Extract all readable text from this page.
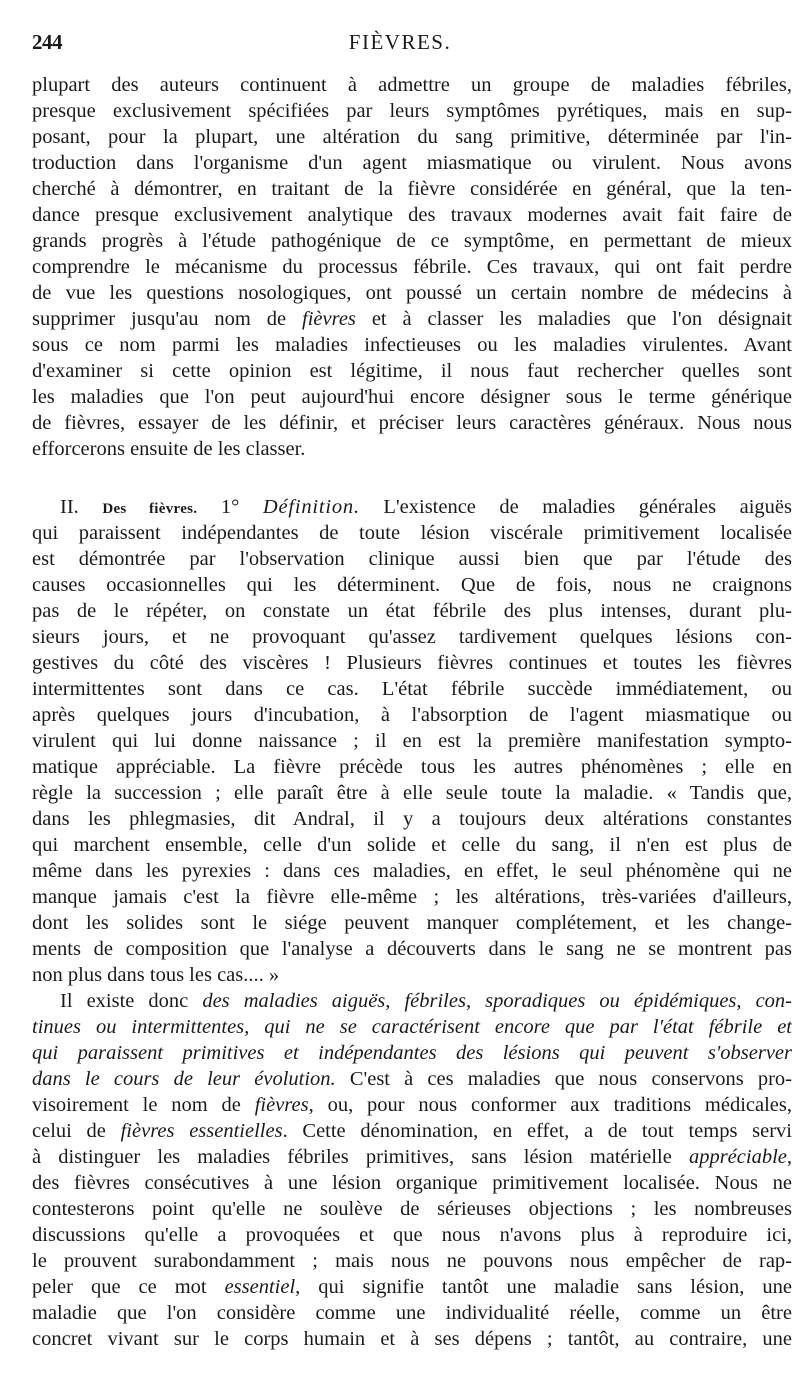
244	FIÈVRES.
plupart des auteurs continuent à admettre un groupe de maladies fébriles,
presque exclusivement spécifiées par leurs symptômes pyrétiques, mais en sup-
posant, pour la plupart, une altération du sang primitive, déterminée par l'in-
troduction dans l'organisme d'un agent miasmatique ou virulent. Nous avons
cherché à démontrer, en traitant de la fièvre considérée en général, que la ten-
dance presque exclusivement analytique des travaux modernes avait fait faire de
grands progrès à l'étude pathogénique de ce symptôme, en permettant de mieux
comprendre le mécanisme du processus fébrile. Ces travaux, qui ont fait perdre
de vue les questions nosologiques, ont poussé un certain nombre de médecins à
supprimer jusqu'au nom de fièvres et à classer les maladies que l'on désignait
sous ce nom parmi les maladies infectieuses ou les maladies virulentes. Avant
d'examiner si cette opinion est légitime, il nous faut rechercher quelles sont
les maladies que l'on peut aujourd'hui encore désigner sous le terme générique
de fièvres, essayer de les définir, et préciser leurs caractères généraux. Nous nous
efforcerons ensuite de les classer.
II. Des fièvres. 1° Définition. L'existence de maladies générales aiguës
qui paraissent indépendantes de toute lésion viscérale primitivement localisée
est démontrée par l'observation clinique aussi bien que par l'étude des
causes occasionnelles qui les déterminent. Que de fois, nous ne craignons
pas de le répéter, on constate un état fébrile des plus intenses, durant plu-
sieurs jours, et ne provoquant qu'assez tardivement quelques lésions con-
gestives du côté des viscères ! Plusieurs fièvres continues et toutes les fièvres
intermittentes sont dans ce cas. L'état fébrile succède immédiatement, ou
après quelques jours d'incubation, à l'absorption de l'agent miasmatique ou
virulent qui lui donne naissance ; il en est la première manifestation sympto-
matique appréciable. La fièvre précède tous les autres phénomènes ; elle en
règle la succession ; elle paraît être à elle seule toute la maladie. « Tandis que,
dans les phlegmasies, dit Andral, il y a toujours deux altérations constantes
qui marchent ensemble, celle d'un solide et celle du sang, il n'en est plus de
même dans les pyrexies : dans ces maladies, en effet, le seul phénomène qui ne
manque jamais c'est la fièvre elle-même ; les altérations, très-variées d'ailleurs,
dont les solides sont le siége peuvent manquer complétement, et les change-
ments de composition que l'analyse a découverts dans le sang ne se montrent pas
non plus dans tous les cas.... »
Il existe donc des maladies aiguës, fébriles, sporadiques ou épidémiques, con-
tinues ou intermittentes, qui ne se caractérisent encore que par l'état fébrile et
qui paraissent primitives et indépendantes des lésions qui peuvent s'observer
dans le cours de leur évolution. C'est à ces maladies que nous conservons pro-
visoirement le nom de fièvres, ou, pour nous conformer aux traditions médicales,
celui de fièvres essentielles. Cette dénomination, en effet, a de tout temps servi
à distinguer les maladies fébriles primitives, sans lésion matérielle appréciable,
des fièvres consécutives à une lésion organique primitivement localisée. Nous ne
contesterons point qu'elle ne soulève de sérieuses objections ; les nombreuses
discussions qu'elle a provoquées et que nous n'avons plus à reproduire ici,
le prouvent surabondamment ; mais nous ne pouvons nous empêcher de rap-
peler que ce mot essentiel, qui signifie tantôt une maladie sans lésion, une
maladie que l'on considère comme une individualité réelle, comme un être
concret vivant sur le corps humain et à ses dépens ; tantôt, au contraire, une
